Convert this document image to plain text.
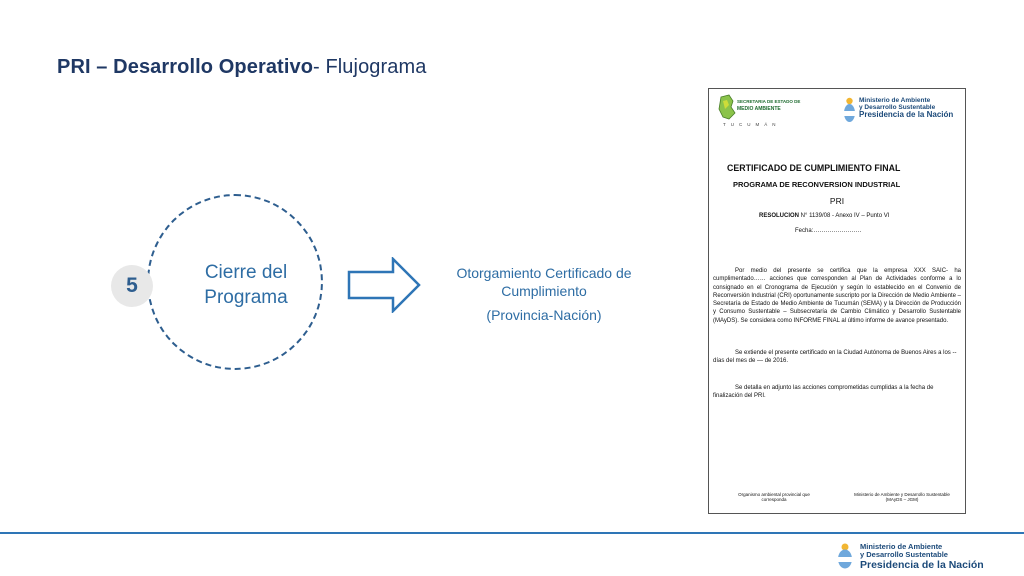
PRI – Desarrollo Operativo- Flujograma
Cierre del
Programa
5
Otorgamiento Certificado de
Cumplimiento
(Provincia-Nación)
SECRETARIA DE ESTADO DE
MEDIO AMBIENTE
TUCUMÁN
Ministerio de Ambiente
y Desarrollo Sustentable
Presidencia de la Nación
CERTIFICADO DE CUMPLIMIENTO FINAL
PROGRAMA DE RECONVERSION INDUSTRIAL
PRI
RESOLUCION N° 1139/08 - Anexo IV – Punto VI
Fecha:……………………
Por medio del presente se certifica que la empresa XXX SAIC- ha cumplimentado…… acciones que corresponden al Plan de Actividades conforme a lo consignado en el Cronograma de Ejecución y según lo establecido en el Convenio de Reconversión Industrial (CRI) oportunamente suscripto por la Dirección de Medio Ambiente – Secretaría de Estado de Medio Ambiente de Tucumán (SEMA) y la Dirección de Producción y Consumo Sustentable – Subsecretaría de Cambio Climático y Desarrollo Sustentable (MAyDS). Se considera como INFORME FINAL al último informe de avance presentado.
Se extiende el presente certificado en la Ciudad Autónoma de Buenos Aires a los -- días del mes de — de 2016.
Se detalla en adjunto las acciones comprometidas cumplidas a la fecha de finalización del PRI.
Organismo ambiental provincial que corresponda
Ministerio de Ambiente y Desarrollo Sustentable (MAyDS – JGM)
Ministerio de Ambiente
y Desarrollo Sustentable
Presidencia de la Nación
